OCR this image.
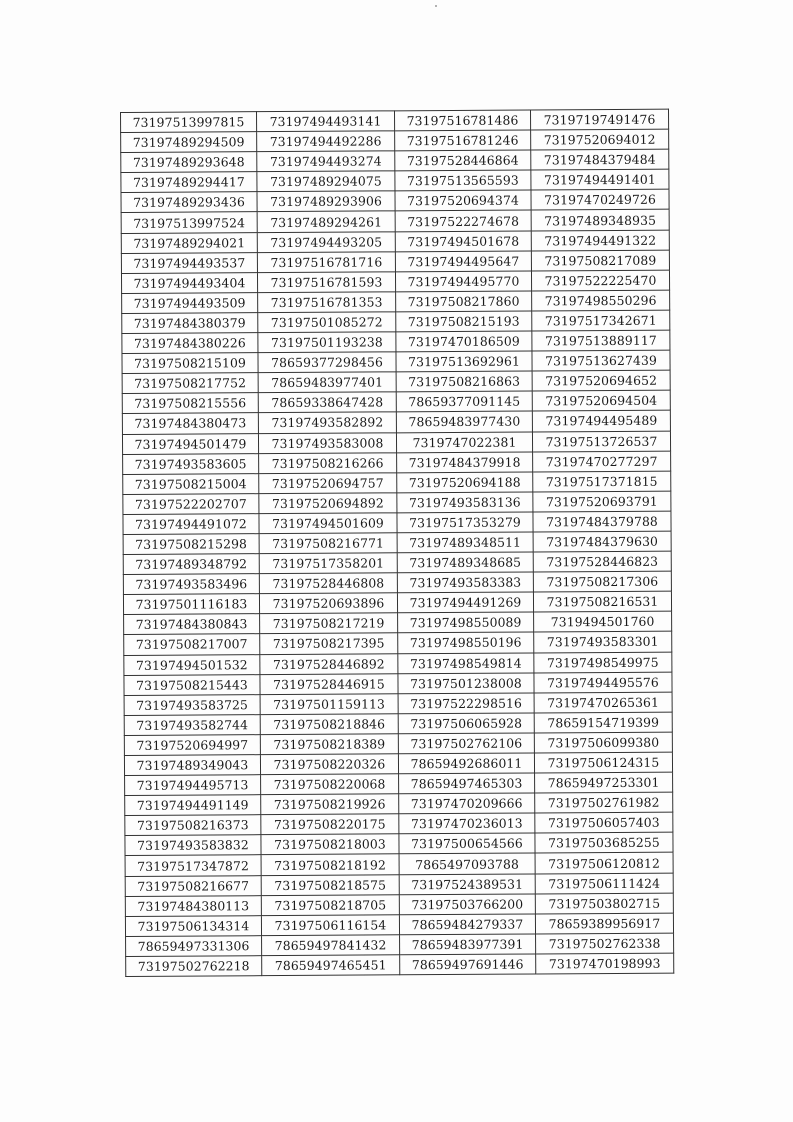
73197513997815	73197494493141	73197516781486	73197197491476
73197489294509	73197494492286	73197516781246	73197520694012
73197489293648	73197494493274	73197528446864	73197484379484
73197489294417	73197489294075	73197513565593	73197494491401
73197489293436	73197489293906	73197520694374	73197470249726
73197513997524	73197489294261	73197522274678	73197489348935
73197489294021	73197494493205	73197494501678	73197494491322
73197494493537	73197516781716	73197494495647	73197508217089
73197494493404	73197516781593	73197494495770	73197522225470
73197494493509	73197516781353	73197508217860	73197498550296
73197484380379	73197501085272	73197508215193	73197517342671
73197484380226	73197501193238	73197470186509	73197513889117
73197508215109	78659377298456	73197513692961	73197513627439
73197508217752	78659483977401	73197508216863	73197520694652
73197508215556	78659338647428	78659377091145	73197520694504
73197484380473	73197493582892	78659483977430	73197494495489
73197494501479	73197493583008	7319747022381	73197513726537
73197493583605	73197508216266	73197484379918	73197470277297
73197508215004	73197520694757	73197520694188	73197517371815
73197522202707	73197520694892	73197493583136	73197520693791
73197494491072	73197494501609	73197517353279	73197484379788
73197508215298	73197508216771	73197489348511	73197484379630
73197489348792	73197517358201	73197489348685	73197528446823
73197493583496	73197528446808	73197493583383	73197508217306
73197501116183	73197520693896	73197494491269	73197508216531
73197484380843	73197508217219	73197498550089	7319494501760
73197508217007	73197508217395	73197498550196	73197493583301
73197494501532	73197528446892	73197498549814	73197498549975
73197508215443	73197528446915	73197501238008	73197494495576
73197493583725	73197501159113	73197522298516	73197470265361
73197493582744	73197508218846	73197506065928	78659154719399
73197520694997	73197508218389	73197502762106	73197506099380
73197489349043	73197508220326	78659492686011	73197506124315
73197494495713	73197508220068	78659497465303	78659497253301
73197494491149	73197508219926	73197470209666	73197502761982
73197508216373	73197508220175	73197470236013	73197506057403
73197493583832	73197508218003	73197500654566	73197503685255
73197517347872	73197508218192	7865497093788	73197506120812
73197508216677	73197508218575	73197524389531	73197506111424
73197484380113	73197508218705	73197503766200	73197503802715
73197506134314	73197506116154	78659484279337	78659389956917
78659497331306	78659497841432	78659483977391	73197502762338
73197502762218	78659497465451	78659497691446	73197470198993
